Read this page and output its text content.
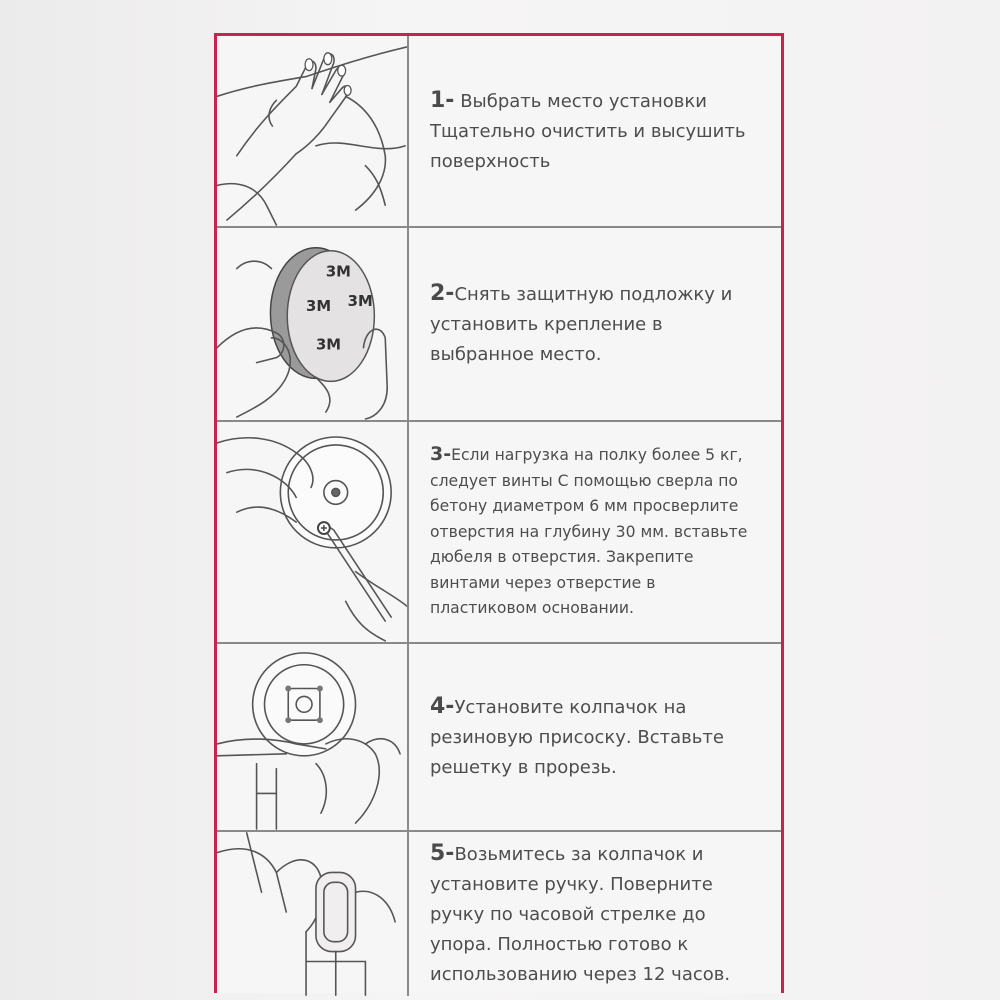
1- Выбрать место установки
Тщательно очистить и высушить
поверхность
3M
3M 3M
3M
2-Снять защитную подложку и
установить крепление в
выбранное место.
3-Если нагрузка на полку более 5 кг,
следует винты С помощью сверла по
бетону диаметром 6 мм просверлите
отверстия на глубину 30 мм. вставьте
дюбеля в отверстия. Закрепите
винтами через отверстие в
пластиковом основании.
4-Установите колпачок на
резиновую присоску. Вставьте
решетку в прорезь.
5-Возьмитесь за колпачок и
установите ручку. Поверните
ручку по часовой стрелке до
упора. Полностью готово к
использованию через 12 часов.
